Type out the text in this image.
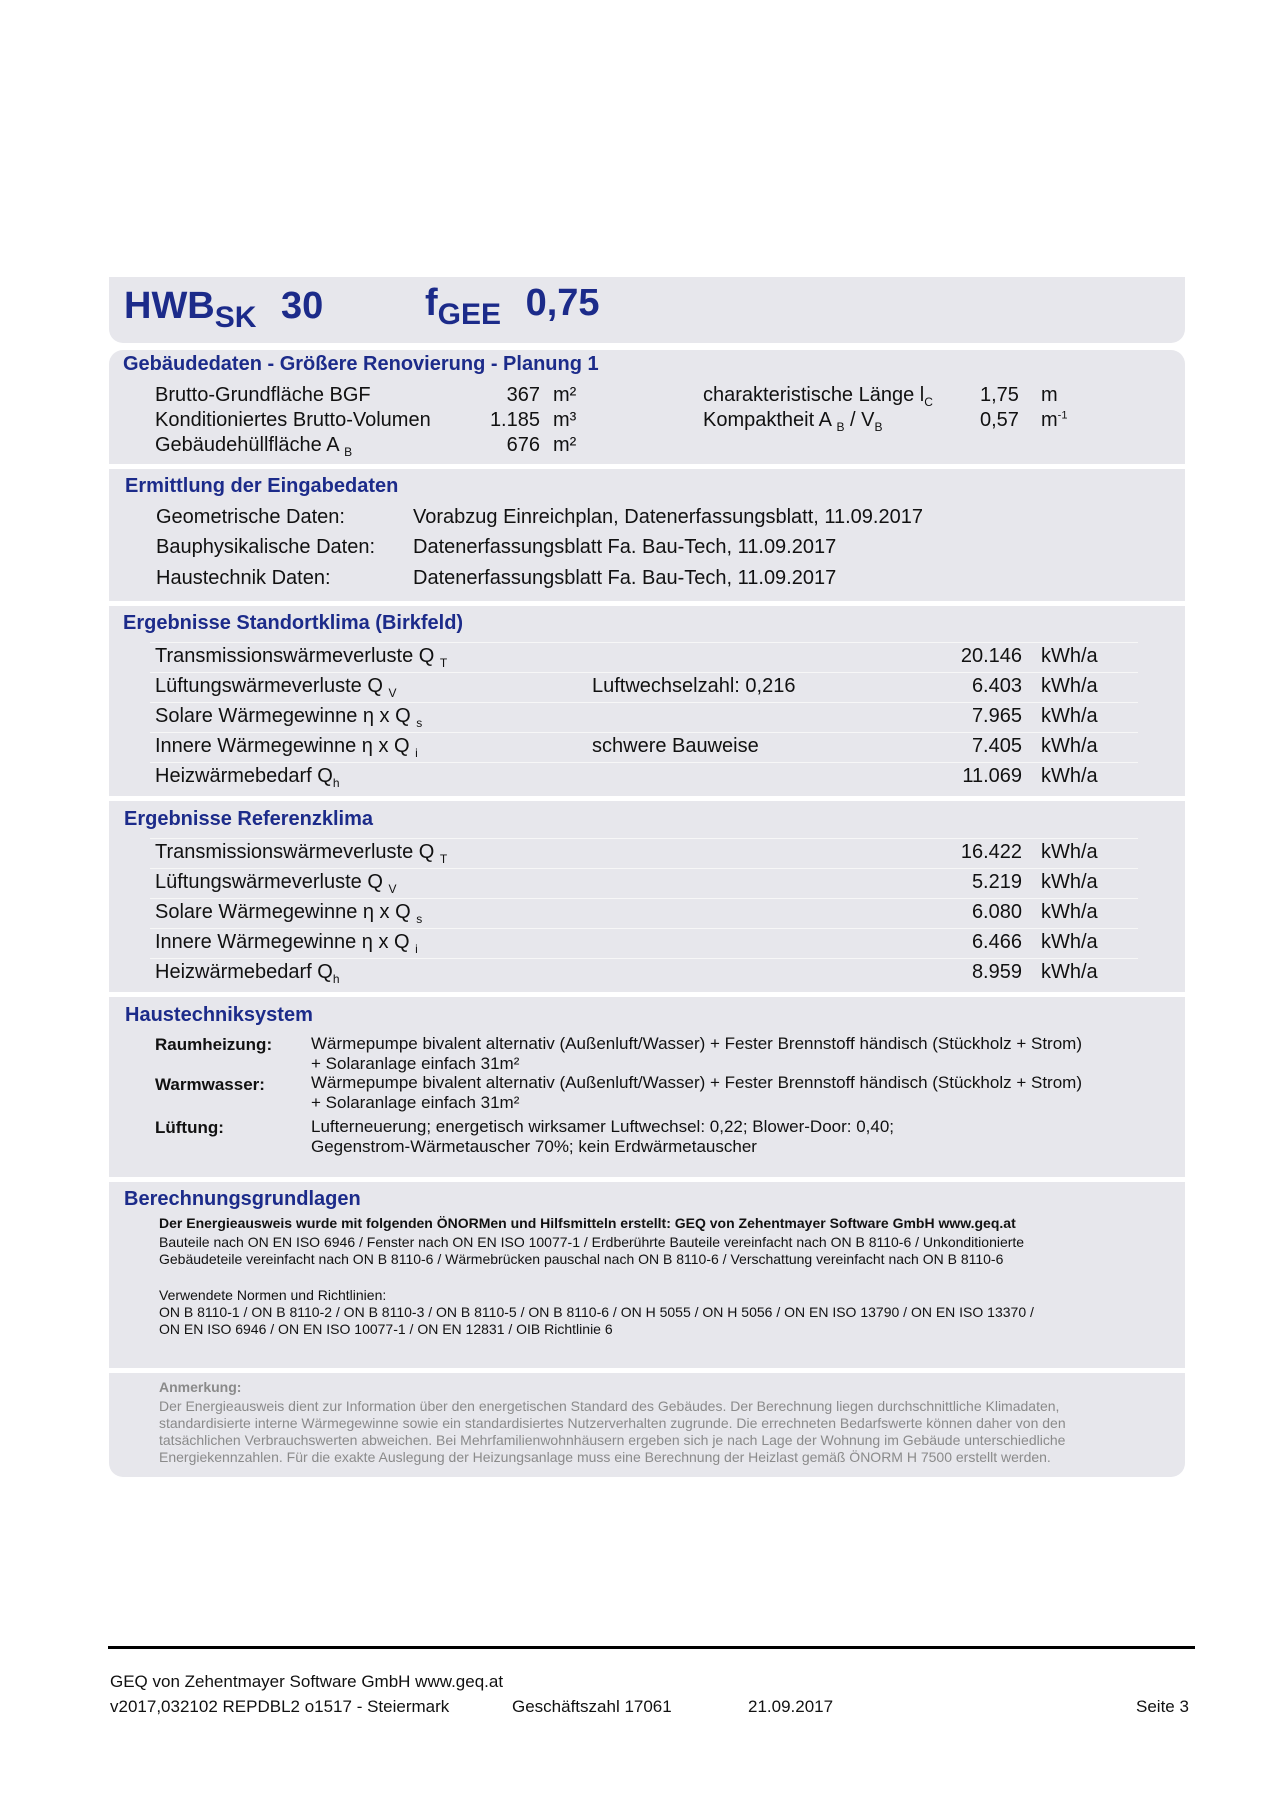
$HWB_{SK}$ 30	$f_{GEE}$ 0,75
Gebäudedaten - Größere Renovierung - Planung 1
Brutto-Grundfläche BGF	367 m²
Konditioniertes Brutto-Volumen	1.185 m³
Gebäudehüllfläche A $_B$	676 m²
charakteristische Länge $l_C$ 1,75 m
Kompaktheit A $_B / V_B$	0,57 $m^{-1}$
Ermittlung der Eingabedaten
Geometrische Daten:	Vorabzug Einreichplan, Datenerfassungsblatt, 11.09.2017
Bauphysikalische Daten: Datenerfassungsblatt Fa. Bau-Tech, 11.09.2017
Haustechnik Daten:	Datenerfassungsblatt Fa. Bau-Tech, 11.09.2017
Ergebnisse Standortklima (Birkfeld)
Transmissionswärmeverluste Q $_T$	20.146 kWh/a
Lüftungswärmeverluste Q $_V$	Luftwechselzahl: 0,216	6.403 kWh/a
Solare Wärmegewinne η x Q $_s$	7.965 kWh/a
Innere Wärmegewinne η x Q $_i$	schwere Bauweise	7.405 kWh/a
Heizwärmebedarf $Q_h$	11.069 kWh/a
Ergebnisse Referenzklima
Transmissionswärmeverluste Q $_T$	16.422 kWh/a
Lüftungswärmeverluste Q $_V$	5.219 kWh/a
Solare Wärmegewinne η x Q $_s$	6.080 kWh/a
Innere Wärmegewinne η x Q $_i$	6.466 kWh/a
Heizwärmebedarf $Q_h$	8.959 kWh/a
Haustechniksystem
Raumheizung: Wärmepumpe bivalent alternativ (Außenluft/Wasser) + Fester Brennstoff händisch (Stückholz + Strom)
+ Solaranlage einfach 31m²
Warmwasser:	Wärmepumpe bivalent alternativ (Außenluft/Wasser) + Fester Brennstoff händisch (Stückholz + Strom)
+ Solaranlage einfach 31m²
Lüftung:	Lufterneuerung; energetisch wirksamer Luftwechsel: 0,22; Blower-Door: 0,40;
Gegenstrom-Wärmetauscher 70%; kein Erdwärmetauscher
Berechnungsgrundlagen
Der Energieausweis wurde mit folgenden ÖNORMen und Hilfsmitteln erstellt: GEQ von Zehentmayer Software GmbH www.geq.at
Bauteile nach ON EN ISO 6946 / Fenster nach ON EN ISO 10077-1 / Erdberührte Bauteile vereinfacht nach ON B 8110-6 / Unkonditionierte
Gebäudeteile vereinfacht nach ON B 8110-6 / Wärmebrücken pauschal nach ON B 8110-6 / Verschattung vereinfacht nach ON B 8110-6
Verwendete Normen und Richtlinien:
ON B 8110-1 / ON B 8110-2 / ON B 8110-3 / ON B 8110-5 / ON B 8110-6 / ON H 5055 / ON H 5056 / ON EN ISO 13790 / ON EN ISO 13370 /
ON EN ISO 6946 / ON EN ISO 10077-1 / ON EN 12831 / OIB Richtlinie 6
Anmerkung:
Der Energieausweis dient zur Information über den energetischen Standard des Gebäudes. Der Berechnung liegen durchschnittliche Klimadaten,
standardisierte interne Wärmegewinne sowie ein standardisiertes Nutzerverhalten zugrunde. Die errechneten Bedarfswerte können daher von den
tatsächlichen Verbrauchswerten abweichen. Bei Mehrfamilienwohnhäusern ergeben sich je nach Lage der Wohnung im Gebäude unterschiedliche
Energiekennzahlen. Für die exakte Auslegung der Heizungsanlage muss eine Berechnung der Heizlast gemäß ÖNORM H 7500 erstellt werden.
GEQ von Zehentmayer Software GmbH www.geq.at
v2017,032102 REPDBL2 o1517 - Steiermark	Geschäftszahl 17061	21.09.2017	Seite 3
